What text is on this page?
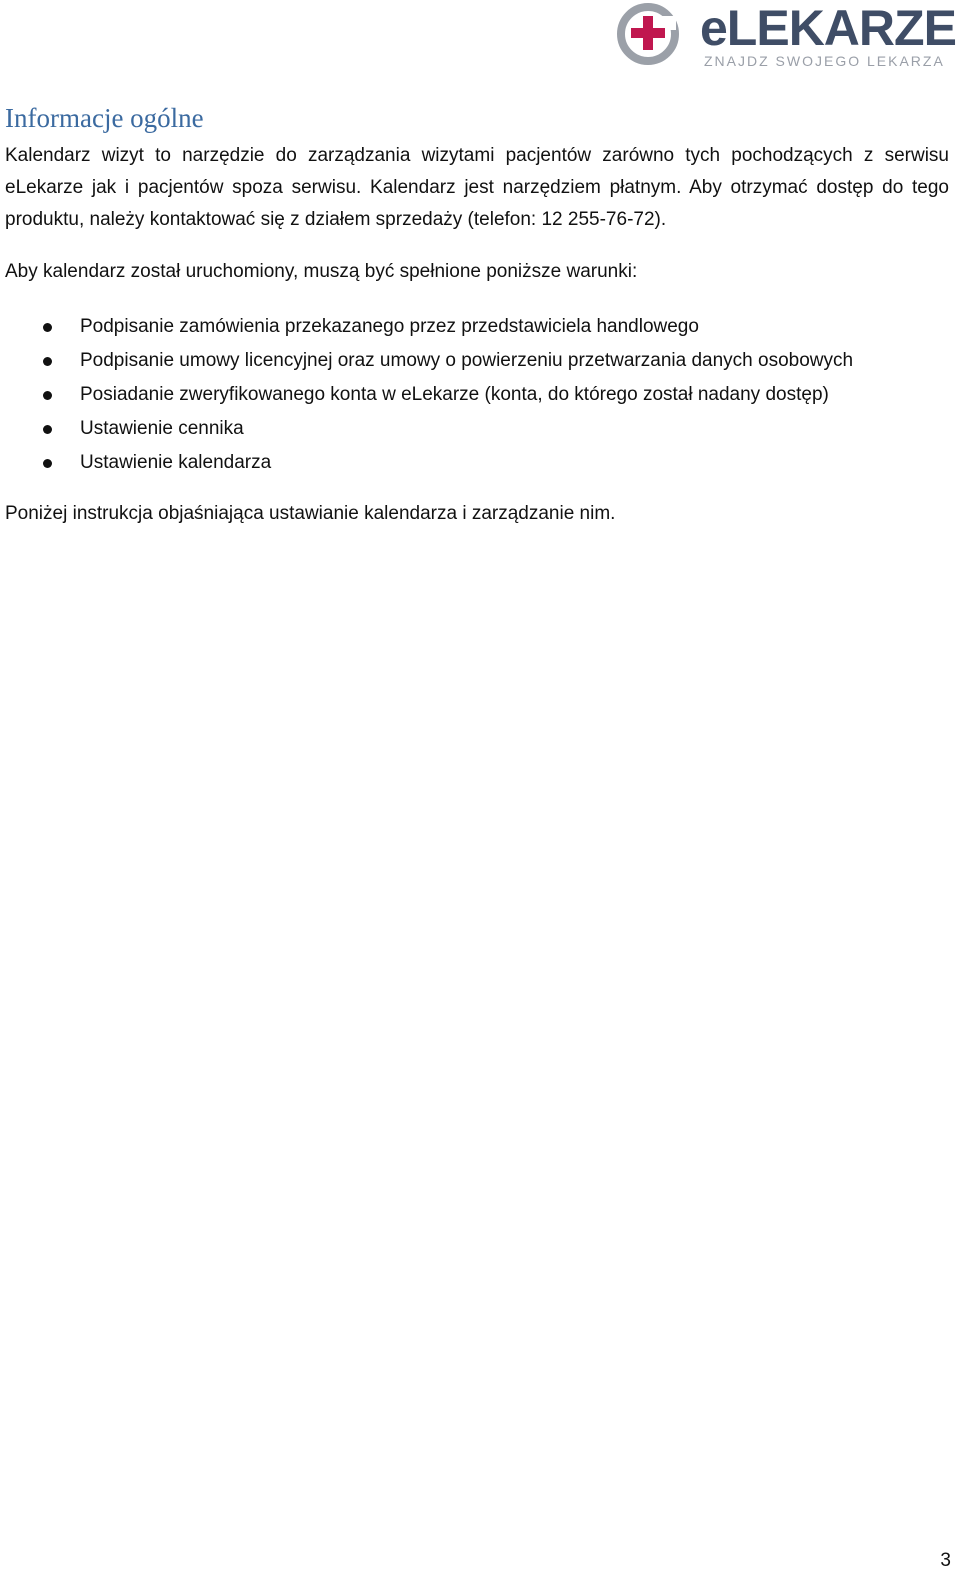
eLEKARZE
ZNAJDZ SWOJEGO LEKARZA
Informacje ogólne

Kalendarz wizyt to narzędzie do zarządzania wizytami pacjentów zarówno tych pochodzących z serwisu eLekarze jak i pacjentów spoza serwisu. Kalendarz jest narzędziem płatnym. Aby otrzymać dostęp do tego produktu, należy kontaktować się z działem sprzedaży (telefon: 12 255-76-72).

Aby kalendarz został uruchomiony, muszą być spełnione poniższe warunki:

Podpisanie zamówienia przekazanego przez przedstawiciela handlowego
Podpisanie umowy licencyjnej oraz umowy o powierzeniu przetwarzania danych osobowych
Posiadanie zweryfikowanego konta w eLekarze (konta, do którego został nadany dostęp)
Ustawienie cennika
Ustawienie kalendarza

Poniżej instrukcja objaśniająca ustawianie kalendarza i zarządzanie nim.

3
